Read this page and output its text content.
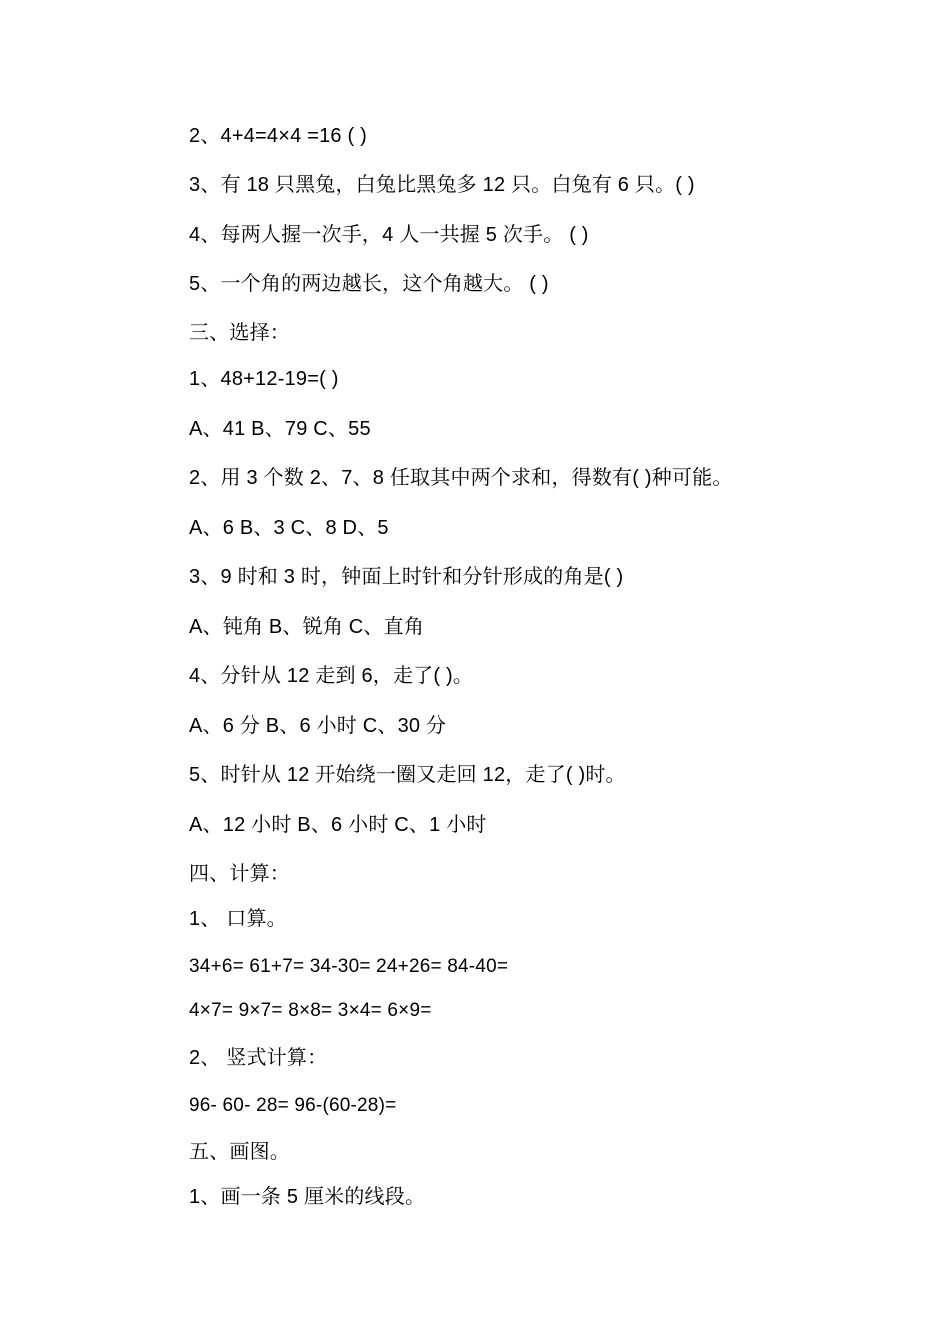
2、4+4=4×4 =16 ( )
3、有 18 只黑兔，白兔比黑兔多 12 只。白兔有 6 只。( )
4、每两人握一次手，4 人一共握 5 次手。 ( )
5、一个角的两边越长，这个角越大。 ( )
三、选择：
1、48+12-19=( )
A、41 B、79 C、55
2、用 3 个数 2、7、8 任取其中两个求和，得数有( )种可能。
A、6 B、3 C、8 D、5
3、9 时和 3 时，钟面上时针和分针形成的角是( )
A、钝角 B、锐角 C、直角
4、分针从 12 走到 6，走了( )。
A、6 分 B、6 小时 C、30 分
5、时针从 12 开始绕一圈又走回 12，走了( )时。
A、12 小时 B、6 小时 C、1 小时
四、计算：
1、 口算。
34+6= 61+7= 34-30= 24+26= 84-40=
4×7= 9×7= 8×8= 3×4= 6×9=
2、 竖式计算：
96- 60- 28= 96-(60-28)=
五、画图。
1、画一条 5 厘米的线段。
